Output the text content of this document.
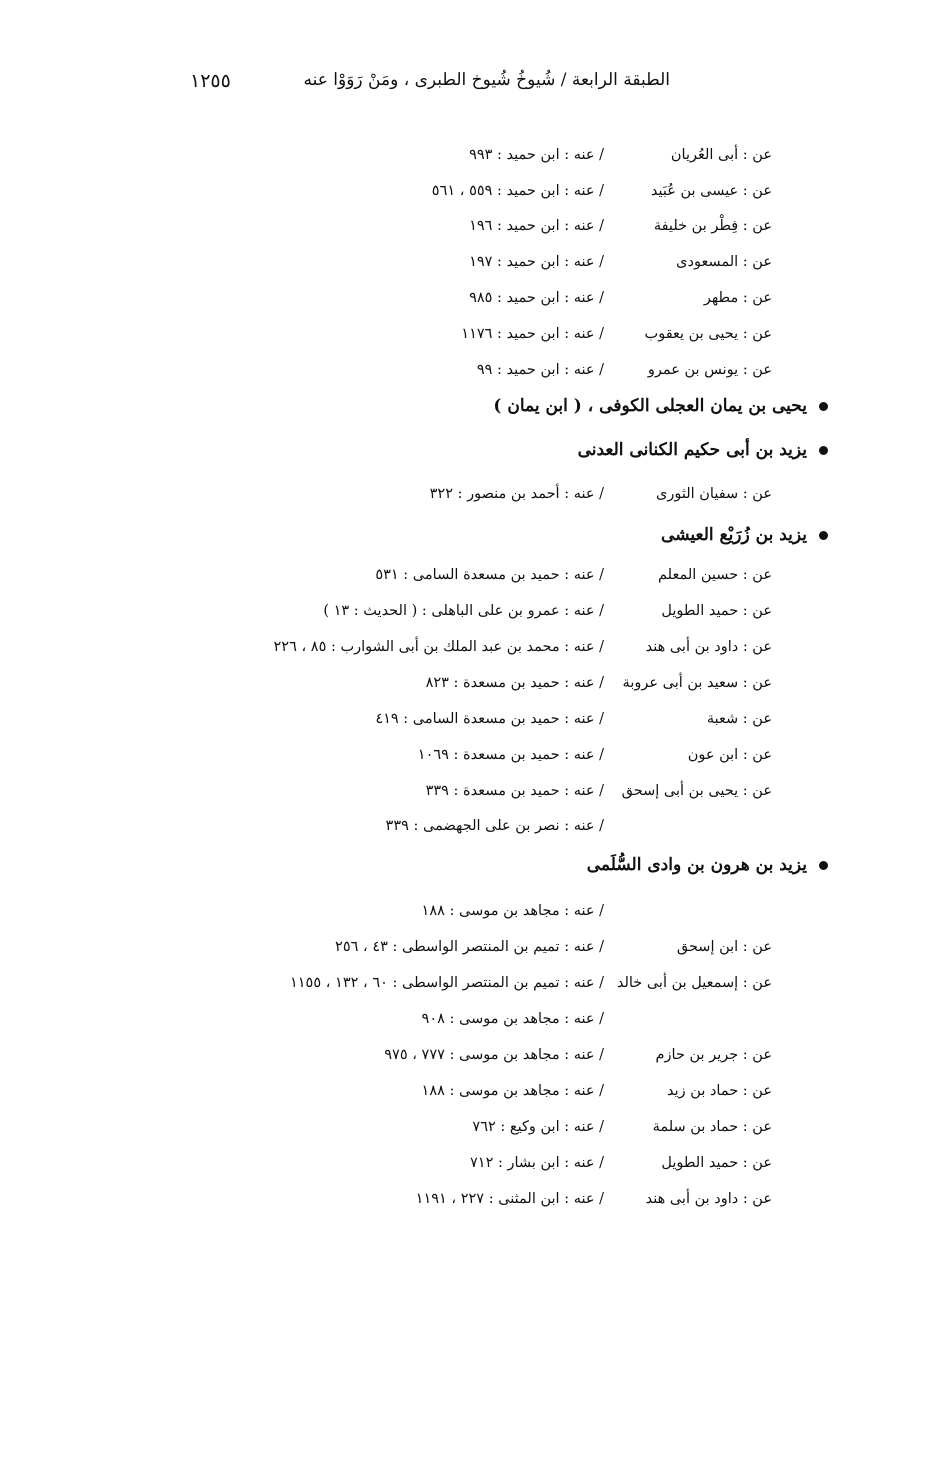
الطبقة الرابعة / شُيوخُ شُيوخ الطبرى ، ومَنْ رَوَوْا عنه
١٢٥٥
عن : أبى العُريان
/ عنه : ابن حميد : ٩٩٣
عن : عيسى بن عُبَيد
/ عنه : ابن حميد : ٥٥٩ ، ٥٦١
عن : فِطْر بن خليفة
/ عنه : ابن حميد : ١٩٦
عن : المسعودى
/ عنه : ابن حميد : ١٩٧
عن : مطهر
/ عنه : ابن حميد : ٩٨٥
عن : يحيى بن يعقوب
/ عنه : ابن حميد : ١١٧٦
عن : يونس بن عمرو
/ عنه : ابن حميد : ٩٩
يحيى بن يمان العجلى الكوفى ، ( ابن يمان )
يزيد بن أبى حكيم الكنانى العدنى
عن : سفيان الثورى
/ عنه : أحمد بن منصور : ٣٢٢
يزيد بن زُرَيْع العيشى
عن : حسين المعلم
/ عنه : حميد بن مسعدة السامى : ٥٣١
عن : حميد الطويل
/ عنه : عمرو بن على الباهلى : ( الحديث : ١٣ )
عن : داود بن أبى هند
/ عنه : محمد بن عبد الملك بن أبى الشوارب : ٨٥ ، ٢٢٦
عن : سعيد بن أبى عروبة
/ عنه : حميد بن مسعدة : ٨٢٣
عن : شعبة
/ عنه : حميد بن مسعدة السامى : ٤١٩
عن : ابن عون
/ عنه : حميد بن مسعدة : ١٠٦٩
عن : يحيى بن أبى إسحق
/ عنه : حميد بن مسعدة : ٣٣٩
/ عنه : نصر بن على الجهضمى : ٣٣٩
يزيد بن هرون بن وادى السُّلَمى
/ عنه : مجاهد بن موسى : ١٨٨
عن : ابن إسحق
/ عنه : تميم بن المنتصر الواسطى : ٤٣ ، ٢٥٦
عن : إسمعيل بن أبى خالد
/ عنه : تميم بن المنتصر الواسطى : ٦٠ ، ١٣٢ ، ١١٥٥
/ عنه : مجاهد بن موسى : ٩٠٨
عن : جرير بن حازم
/ عنه : مجاهد بن موسى : ٧٧٧ ، ٩٧٥
عن : حماد بن زيد
/ عنه : مجاهد بن موسى : ١٨٨
عن : حماد بن سلمة
/ عنه : ابن وكيع : ٧٦٢
عن : حميد الطويل
/ عنه : ابن بشار : ٧١٢
عن : داود بن أبى هند
/ عنه : ابن المثنى : ٢٢٧ ، ١١٩١
